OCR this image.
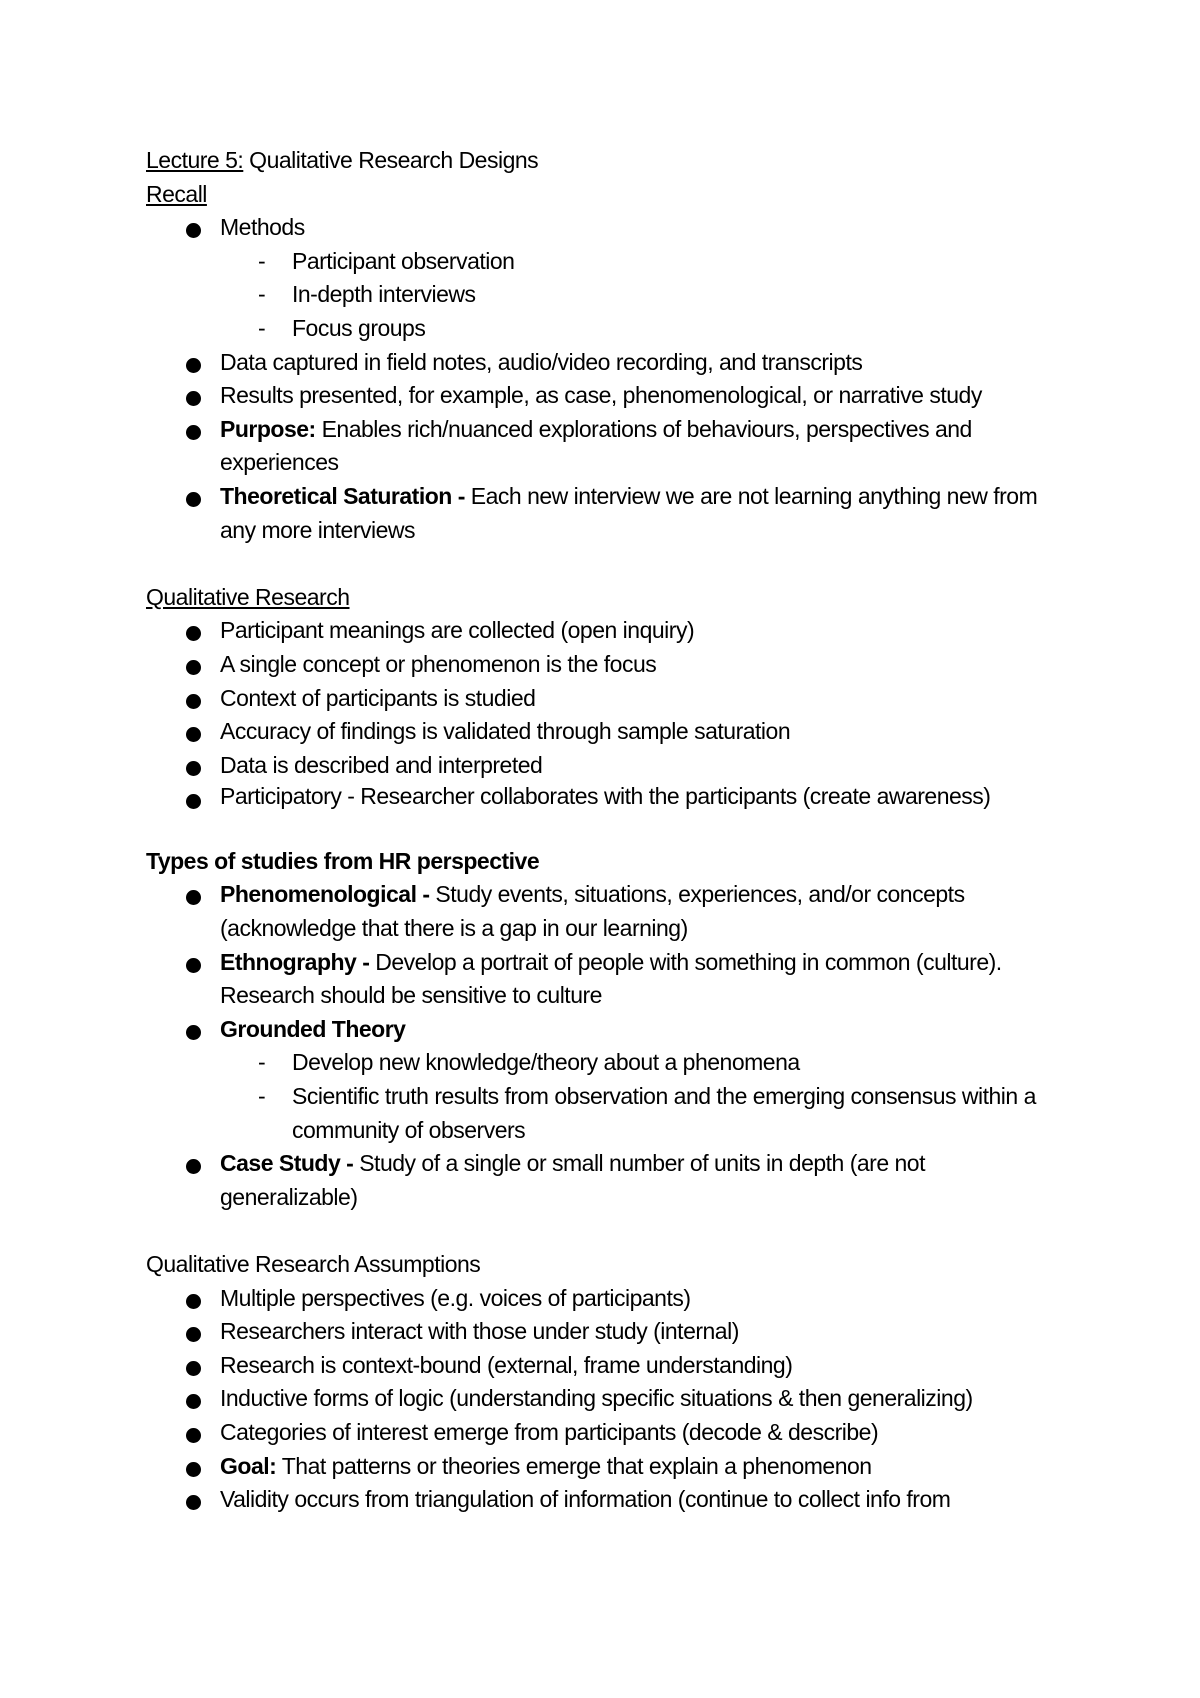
Lecture 5: Qualitative Research Designs
Recall
Methods
- Participant observation
- In-depth interviews
- Focus groups
Data captured in field notes, audio/video recording, and transcripts
Results presented, for example, as case, phenomenological, or narrative study
Purpose: Enables rich/nuanced explorations of behaviours, perspectives and experiences
Theoretical Saturation - Each new interview we are not learning anything new from any more interviews
Qualitative Research
Participant meanings are collected (open inquiry)
A single concept or phenomenon is the focus
Context of participants is studied
Accuracy of findings is validated through sample saturation
Data is described and interpreted
Participatory - Researcher collaborates with the participants (create awareness)
Types of studies from HR perspective
Phenomenological - Study events, situations, experiences, and/or concepts (acknowledge that there is a gap in our learning)
Ethnography - Develop a portrait of people with something in common (culture). Research should be sensitive to culture
Grounded Theory
- Develop new knowledge/theory about a phenomena
- Scientific truth results from observation and the emerging consensus within a community of observers
Case Study - Study of a single or small number of units in depth (are not generalizable)
Qualitative Research Assumptions
Multiple perspectives (e.g. voices of participants)
Researchers interact with those under study (internal)
Research is context-bound (external, frame understanding)
Inductive forms of logic (understanding specific situations & then generalizing)
Categories of interest emerge from participants (decode & describe)
Goal: That patterns or theories emerge that explain a phenomenon
Validity occurs from triangulation of information (continue to collect info from
